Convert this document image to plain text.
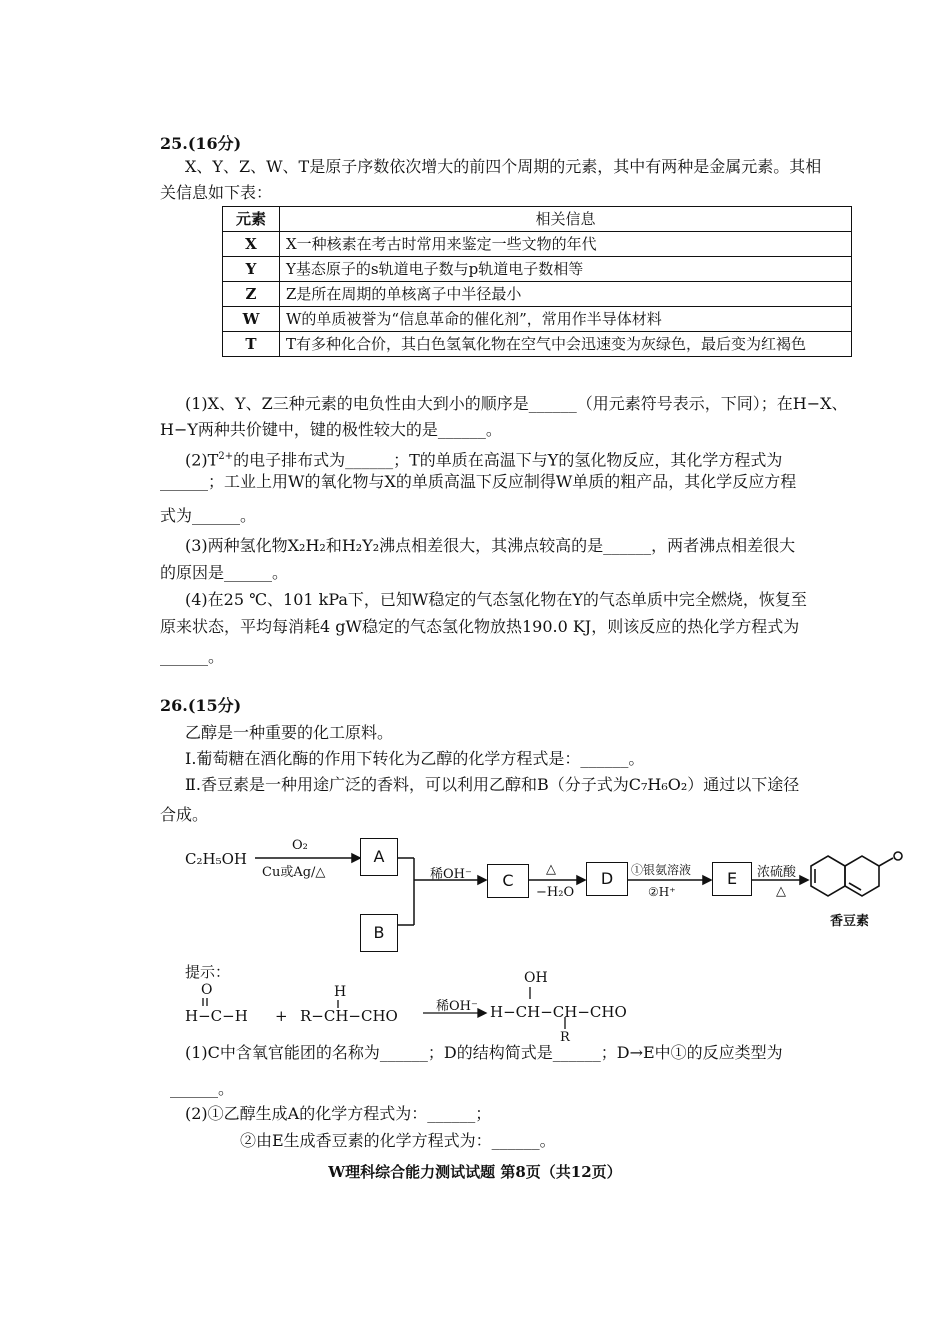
25.(16分)
X、Y、Z、W、T是原子序数依次增大的前四个周期的元素，其中有两种是金属元素。其相
关信息如下表：
元素	相关信息
X	X一种核素在考古时常用来鉴定一些文物的年代
Y	Y基态原子的s轨道电子数与p轨道电子数相等
Z	Z是所在周期的单核离子中半径最小
W	W的单质被誉为“信息革命的催化剂”，常用作半导体材料
T	T有多种化合价，其白色氢氧化物在空气中会迅速变为灰绿色，最后变为红褐色
(1)X、Y、Z三种元素的电负性由大到小的顺序是______（用元素符号表示，下同）；在H−X、
H−Y两种共价键中，键的极性较大的是______。
$(2)T^{2+}$的电子排布式为______；T的单质在高温下与Y的氢化物反应，其化学方程式为
______；工业上用W的氧化物与X的单质高温下反应制得W单质的粗产品，其化学反应方程
式为______。
(3)两种氢化物X₂H₂和H₂Y₂沸点相差很大，其沸点较高的是______，两者沸点相差很大
的原因是______。
(4)在25 ℃、101 kPa下，已知W稳定的气态氢化物在Y的气态单质中完全燃烧，恢复至
原来状态，平均每消耗4 gW稳定的气态氢化物放热190.0 KJ，则该反应的热化学方程式为
______。
26.(15分)
乙醇是一种重要的化工原料。
Ⅰ.葡萄糖在酒化酶的作用下转化为乙醇的化学方程式是：______。
Ⅱ.香豆素是一种用途广泛的香料，可以利用乙醇和B（分子式为C₇H₆O₂）通过以下途径
合成。
C₂H₅OH
O₂
Cu或Ag/△
A
B
稀OH⁻	C
△
−H₂O
D	①银氨溶液
②H⁺
E	浓硫酸
△
香豆素
提示：
O	H
OH
H−C−H + R−CH−CHO
稀OH⁻ H−CH−CH−CHO
R
(1)C中含氧官能团的名称为______；D的结构简式是______；D→E中①的反应类型为
______。
(2)①乙醇生成A的化学方程式为：______；
②由E生成香豆素的化学方程式为：______。
W理科综合能力测试试题 第8页（共12页）
